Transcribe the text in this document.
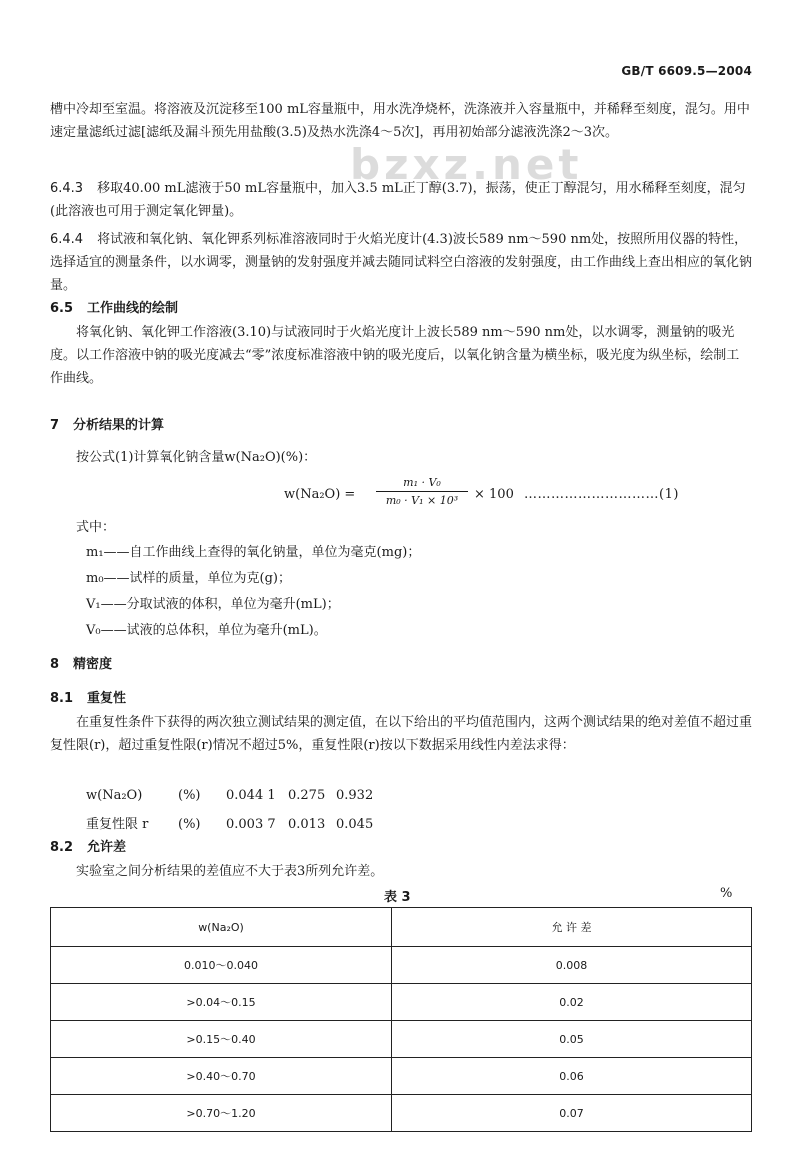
GB/T 6609.5—2004
bzxz.net
槽中冷却至室温。将溶液及沉淀移至100 mL容量瓶中，用水洗净烧杯，洗涤液并入容量瓶中，并稀释至刻度，混匀。用中速定量滤纸过滤[滤纸及漏斗预先用盐酸(3.5)及热水洗涤4～5次]，再用初始部分滤液洗涤2～3次。
6.4.3 移取40.00 mL滤液于50 mL容量瓶中，加入3.5 mL正丁醇(3.7)，振荡，使正丁醇混匀，用水稀释至刻度，混匀(此溶液也可用于测定氧化钾量)。
6.4.4 将试液和氧化钠、氧化钾系列标准溶液同时于火焰光度计(4.3)波长589 nm～590 nm处，按照所用仪器的特性，选择适宜的测量条件，以水调零，测量钠的发射强度并减去随同试料空白溶液的发射强度，由工作曲线上查出相应的氧化钠量。
6.5 工作曲线的绘制
将氧化钠、氧化钾工作溶液(3.10)与试液同时于火焰光度计上波长589 nm～590 nm处，以水调零，测量钠的吸光度。以工作溶液中钠的吸光度减去“零”浓度标准溶液中钠的吸光度后，以氧化钠含量为横坐标，吸光度为纵坐标，绘制工作曲线。
7 分析结果的计算
按公式(1)计算氧化钠含量w(Na₂O)(%)：
$w(Na_2O) = \frac{\text{m₁ · V₀}}{\text{m₀ · V₁ × 10³}} \times 100$ …………………………(1)
式中：
m₁——自工作曲线上查得的氧化钠量，单位为毫克(mg)；
m₀——试样的质量，单位为克(g)；
V₁——分取试液的体积，单位为毫升(mL)；
V₀——试液的总体积，单位为毫升(mL)。
8 精密度
8.1 重复性
在重复性条件下获得的两次独立测试结果的测定值，在以下给出的平均值范围内，这两个测试结果的绝对差值不超过重复性限(r)，超过重复性限(r)情况不超过5%，重复性限(r)按以下数据采用线性内差法求得：
w(Na₂O)	(%) 0.044 1 0.275 0.932
重复性限 r (%) 0.003 7 0.013 0.045
8.2 允许差
实验室之间分析结果的差值应不大于表3所列允许差。
表 3	%
w(Na₂O)	允 许 差
0.010～0.040	0.008
>0.04～0.15	0.02
>0.15～0.40	0.05
>0.40～0.70	0.06
>0.70～1.20	0.07
